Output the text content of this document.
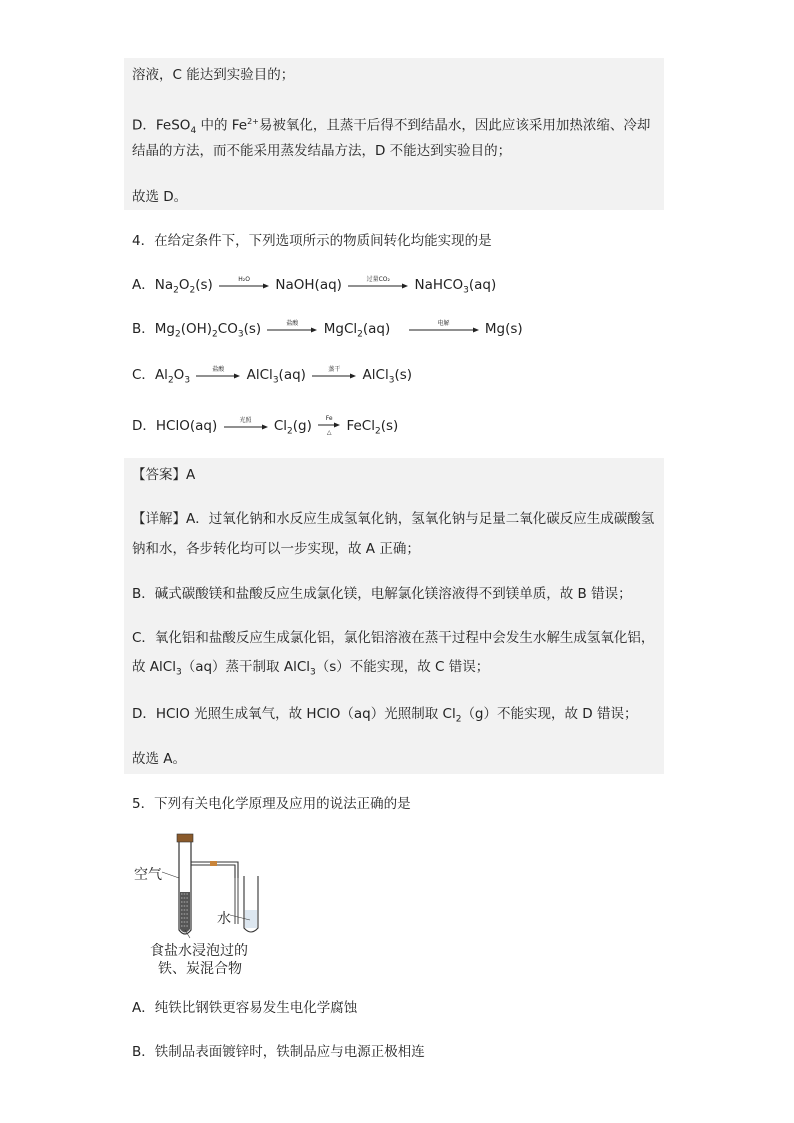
溶液，C 能达到实验目的；
D．FeSO$_4$ 中的 $Fe^{2+}$易被氧化，且蒸干后得不到结晶水，因此应该采用加热浓缩、冷却
结晶的方法，而不能采用蒸发结晶方法，D 不能达到实验目的；
故选 D。
4．在给定条件下，下列选项所示的物质间转化均能实现的是
A．$Na_2O_2(s)$	H₂O	NaOH(aq)	过量CO₂	NaHCO$_3$(aq)
B．$Mg_2(OH)_2CO_3(s)$	盐酸	MgCl$_2$(aq)	电解	Mg(s)
C．$Al_2O_3$
盐酸	AlCl$_3$(aq)	蒸干	AlCl$_3$(s)
D．HClO(aq)	光照	$Cl_2(g)$	Fe
△	FeCl$_2$(s)
【答案】A
【详解】A．过氧化钠和水反应生成氢氧化钠，氢氧化钠与足量二氧化碳反应生成碳酸氢
钠和水，各步转化均可以一步实现，故 A 正确；
B．碱式碳酸镁和盐酸反应生成氯化镁，电解氯化镁溶液得不到镁单质，故 B 错误；
C．氧化铝和盐酸反应生成氯化铝，氯化铝溶液在蒸干过程中会发生水解生成氢氧化铝，
故 AlCl$_3$（aq）蒸干制取 AlCl$_3$（s）不能实现，故 C 错误；
D．HClO 光照生成氧气，故 HClO（aq）光照制取 $Cl_2(g)$不能实现，故 D 错误；
故选 A。
5．下列有关电化学原理及应用的说法正确的是
空气
水
食盐水浸泡过的
铁、炭混合物
A．纯铁比钢铁更容易发生电化学腐蚀
B．铁制品表面镀锌时，铁制品应与电源正极相连
